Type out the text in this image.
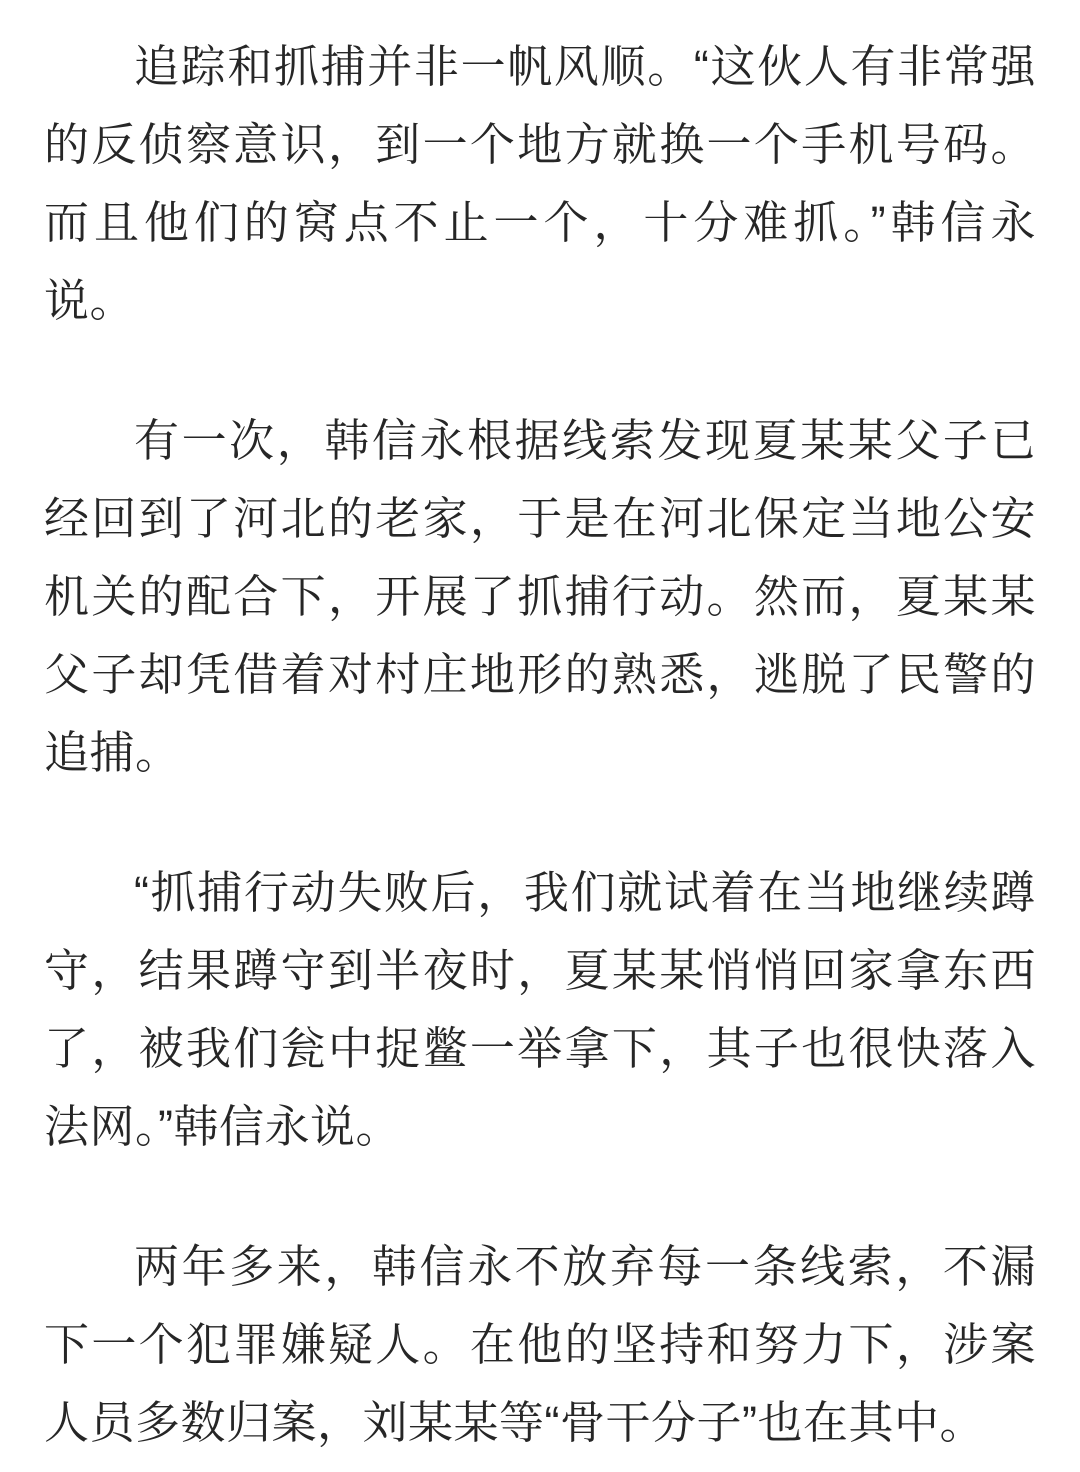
追踪和抓捕并非一帆风顺。“这伙人有非常强的反侦察意识，到一个地方就换一个手机号码。而且他们的窝点不止一个，十分难抓。”韩信永说。

有一次，韩信永根据线索发现夏某某父子已经回到了河北的老家，于是在河北保定当地公安机关的配合下，开展了抓捕行动。然而，夏某某父子却凭借着对村庄地形的熟悉，逃脱了民警的追捕。

“抓捕行动失败后，我们就试着在当地继续蹲守，结果蹲守到半夜时，夏某某悄悄回家拿东西了，被我们瓮中捉鳖一举拿下，其子也很快落入法网。”韩信永说。

两年多来，韩信永不放弃每一条线索，不漏下一个犯罪嫌疑人。在他的坚持和努力下，涉案人员多数归案，刘某某等“骨干分子”也在其中。
